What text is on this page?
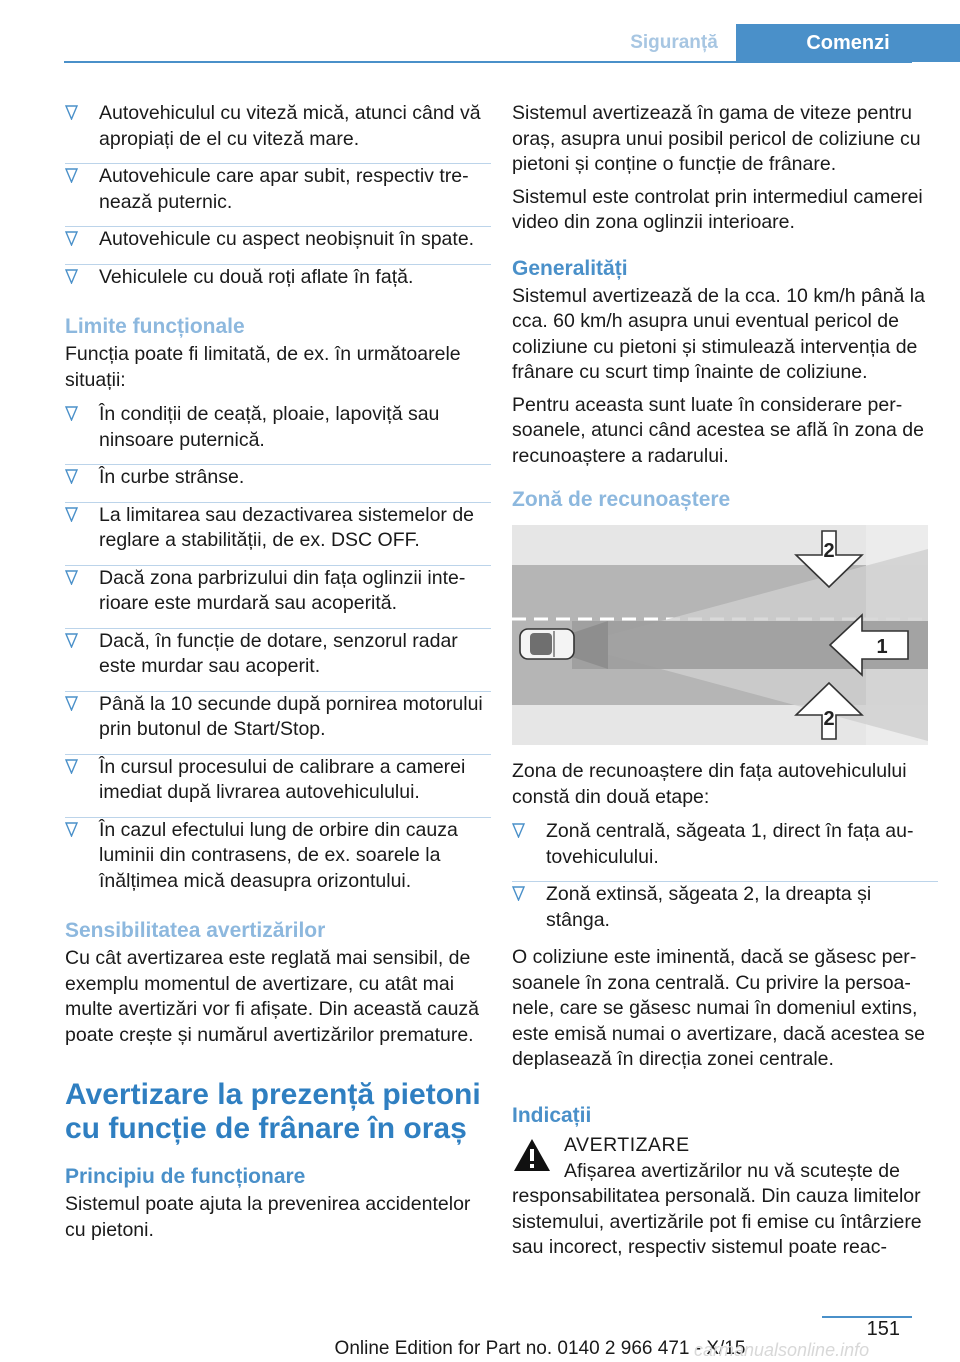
Siguranță	Comenzi
Autovehiculul cu viteză mică, atunci când vă apropiați de el cu viteză mare.
Autovehicule care apar subit, respectiv trenează puternic.
Autovehicule cu aspect neobișnuit în spate.
Vehiculele cu două roți aflate în față.
Limite funcționale

Funcția poate fi limitată, de ex. în următoarele situații:

În condiții de ceață, ploaie, lapoviță sau ninsoare puternică.
În curbe strânse.
La limitarea sau dezactivarea sistemelor de reglare a stabilității, de ex. DSC OFF.
Dacă zona parbrizului din fața oglinzii interioare este murdară sau acoperită.
Dacă, în funcție de dotare, senzorul radar este murdar sau acoperit.
Până la 10 secunde după pornirea motorului prin butonul de Start/Stop.
În cursul procesului de calibrare a camerei imediat după livrarea autovehiculului.
În cazul efectului lung de orbire din cauza luminii din contrasens, de ex. soarele la înălțimea mică deasupra orizontului.
Sensibilitatea avertizărilor

Cu cât avertizarea este reglată mai sensibil, de exemplu momentul de avertizare, cu atât mai multe avertizări vor fi afișate. Din această cauză poate crește și numărul avertizărilor premature.

Avertizare la prezență pietoni cu funcție de frânare în oraș
Principiu de funcționare

Sistemul poate ajuta la prevenirea accidentelor cu pietoni.

Sistemul avertizează în gama de viteze pentru oraș, asupra unui posibil pericol de coliziune cu pietoni și conține o funcție de frânare.

Sistemul este controlat prin intermediul camerei video din zona oglinzii interioare.

Generalități

Sistemul avertizează de la cca. 10 km/h până la cca. 60 km/h asupra unui eventual pericol de coliziune cu pietoni și stimulează intervenția de frânare cu scurt timp înainte de coliziune.

Pentru aceasta sunt luate în considerare persoanele, atunci când acestea se află în zona de recunoaștere a radarului.

Zonă de recunoaștere
2
1
2

Zona de recunoaștere din fața autovehiculului constă din două etape:

Zonă centrală, săgeata 1, direct în fața autovehiculului.
Zonă extinsă, săgeata 2, la dreapta și stânga.

O coliziune este iminentă, dacă se găsesc persoanele în zona centrală. Cu privire la persoanele, care se găsesc numai în domeniul extins, este emisă numai o avertizare, dacă acestea se deplasează în direcția zonei centrale.

Indicații
AVERTIZARE
Afișarea avertizărilor nu vă scutește de
responsabilitatea personală. Din cauza limitelor sistemului, avertizările pot fi emise cu întârziere sau incorect, respectiv sistemul poate reac-
151
Online Edition for Part no. 0140 2 966 471 - X/15
carmanualsonline.info
